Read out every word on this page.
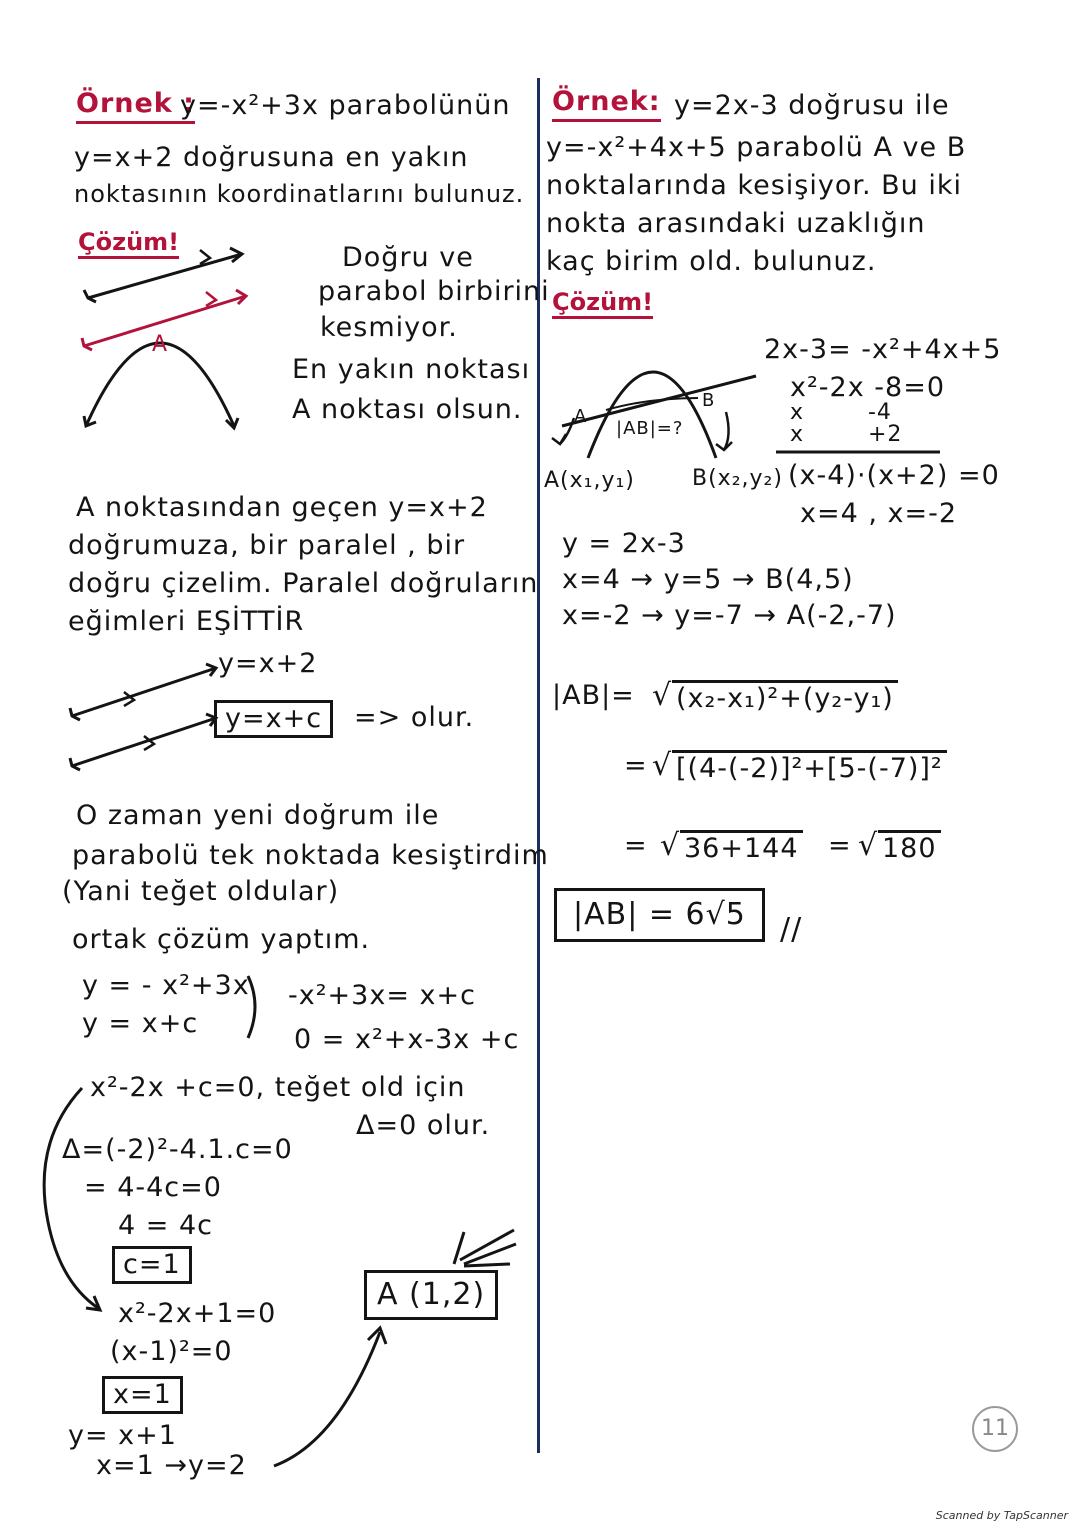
Örnek :
y=-x²+3x parabolünün
y=x+2 doğrusuna en yakın
noktasının koordinatlarını bulunuz.
Çözüm!
A
Doğru ve
parabol birbirini
kesmiyor.
En yakın noktası
A noktası olsun.
A noktasından geçen y=x+2
doğrumuza, bir paralel , bir
doğru çizelim. Paralel doğruların
eğimleri EŞİTTİR
y=x+2
y=x+c	=> olur.
O zaman yeni doğrum ile
parabolü tek noktada kesiştirdim
(Yani teğet oldular)
ortak çözüm yaptım.
y = - x²+3x
y = x+c
-x²+3x= x+c
0 = x²+x-3x +c
x²-2x +c=0, teğet old için
Δ=0 olur.
Δ=(-2)²-4.1.c=0
= 4-4c=0
4 = 4c
c=1
x²-2x+1=0
(x-1)²=0
x=1
y= x+1
x=1 →y=2
A (1,2)
Örnek: y=2x-3 doğrusu ile
y=-x²+4x+5 parabolü A ve B
noktalarında kesişiyor. Bu iki
nokta arasındaki uzaklığın
kaç birim old. bulunuz.
Çözüm!
A
B
|AB|=?
A(x₁,y₁)	B(x₂,y₂)
2x-3= -x²+4x+5
x²-2x -8=0
x        -4
x        +2
(x-4)·(x+2) =0
x=4 , x=-2
y = 2x-3
x=4 → y=5 → B(4,5)
x=-2 → y=-7 → A(-2,-7)
|AB|= √ (x₂-x₁)²+(y₂-y₁)
= √ [(4-(-2)]²+[5-(-7)]²
= √ 36+144 = √ 180
|AB| = 6√5	//
11
Scanned by TapScanner
